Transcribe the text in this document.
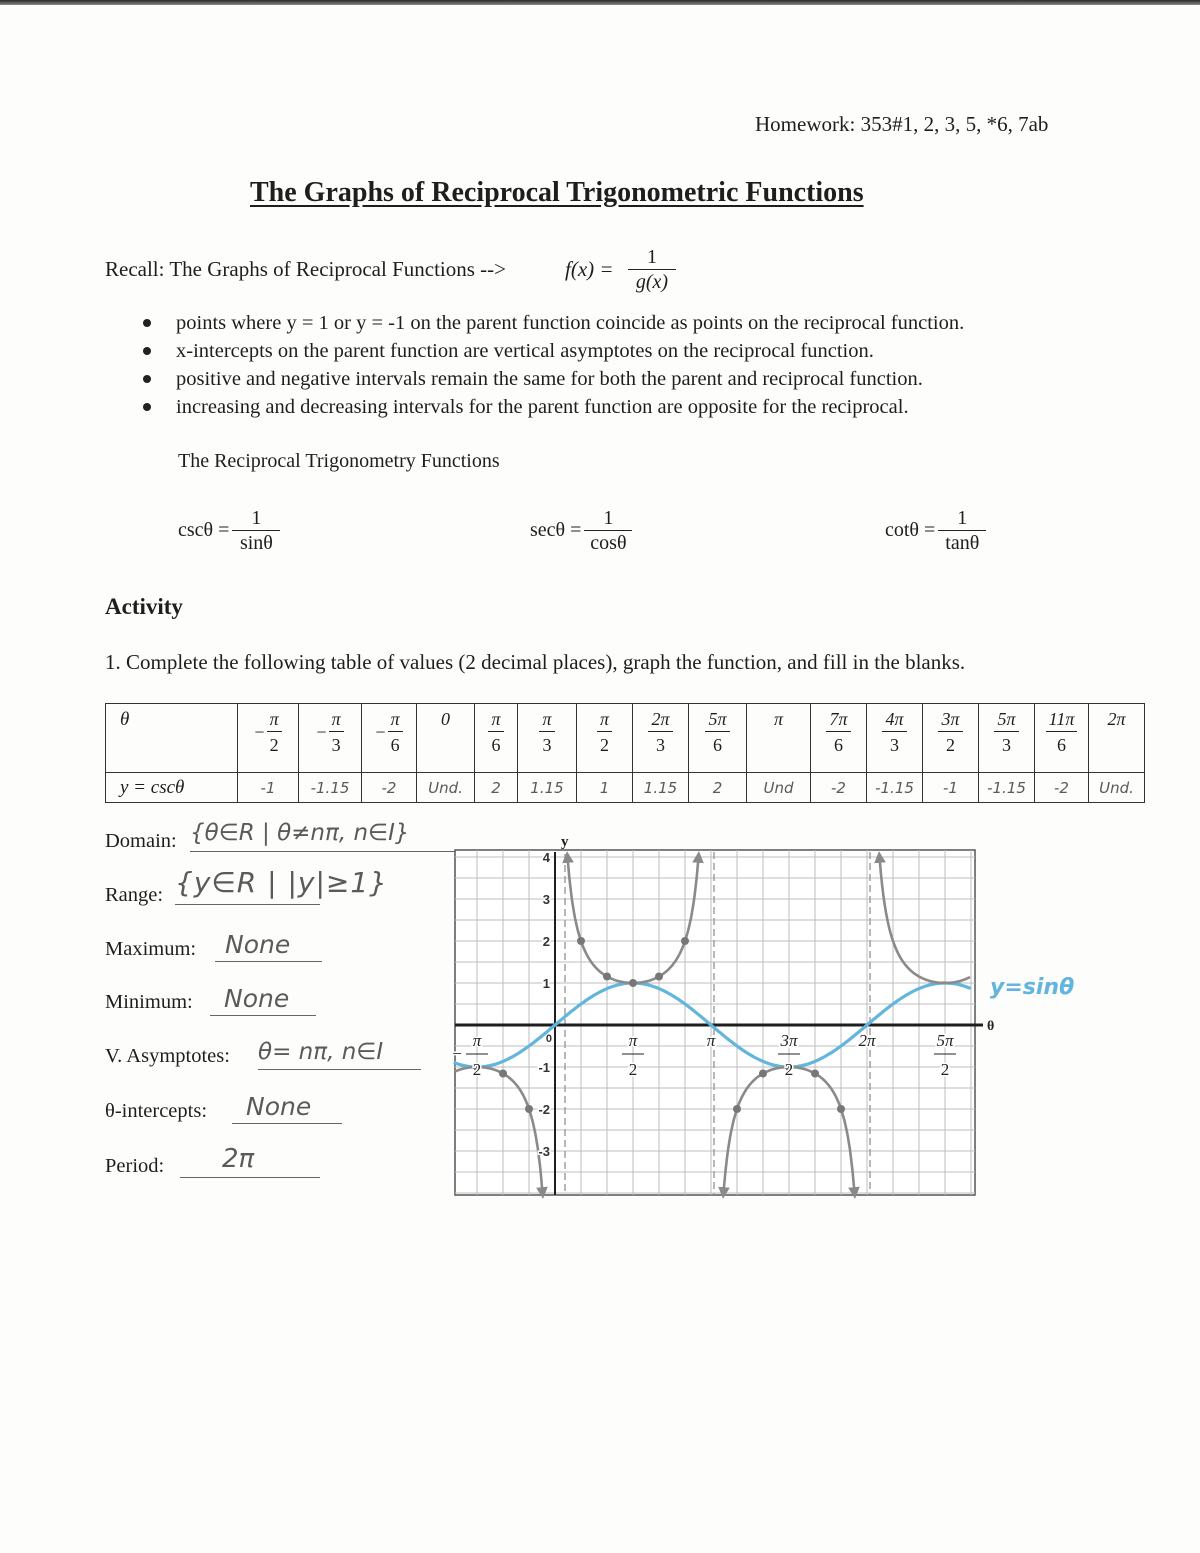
Homework: 353#1, 2, 3, 5, *6, 7ab
The Graphs of Reciprocal Trigonometric Functions
Recall: The Graphs of Reciprocal Functions -->	$f(x) = \frac{1}{g(x)}$
points where y = 1 or y = -1 on the parent function coincide as points on the reciprocal function.
x-intercepts on the parent function are vertical asymptotes on the reciprocal function.
positive and negative intervals remain the same for both the parent and reciprocal function.
increasing and decreasing intervals for the parent function are opposite for the reciprocal.
The Reciprocal Trigonometry Functions
$\csc\theta = \frac{1}{\sin\theta}$	$\sec\theta = \frac{1}{\cos\theta}$	$\cot\theta = \frac{1}{\tan\theta}$
Activity
1. Complete the following table of values (2 decimal places), graph the function, and fill in the blanks.
θ	− $\frac{\pi}{2}$	− $\frac{\pi}{3}$	− $\frac{\pi}{6}$	0	$\frac{\pi}{6}$	$\frac{\pi}{3}$	$\frac{\pi}{2}$	$\frac{2\pi}{3}$	$\frac{5\pi}{6}$	π	$\frac{7\pi}{6}$	$\frac{4\pi}{3}$	$\frac{3\pi}{2}$	$\frac{5\pi}{3}$	$\frac{11\pi}{6}$	2π

y = cscθ	-1	-1.15	-2	Und.	2	1.15	1	1.15	2	Und	-2	-1.15	-1	-1.15	-2	Und.
Domain: {θ∈R | θ≠nπ, n∈I}
Range: {y∈R | |y|≥1}
Maximum:	None
Minimum:	None
V. Asymptotes: θ= nπ, n∈I
θ-intercepts:	None
Period:	2π
4
3
2
1
-1
-2
-3
π
2
−
π
2
π	3π
2
2π	5π
2
y
θ
0
y=sinθ
